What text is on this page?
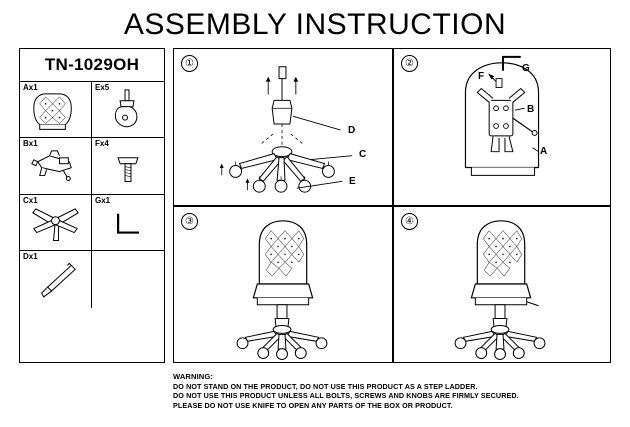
ASSEMBLY INSTRUCTION
TN-1029OH
Ax1	Ex5
Bx1	Fx4
Cx1	Gx1
Dx1
①
D
C
E
②	G
F
B
A
③	④
WARNING:
DO NOT STAND ON THE PRODUCT, DO NOT USE THIS PRODUCT AS A STEP LADDER.
DO NOT USE THIS PRODUCT UNLESS ALL BOLTS, SCREWS AND KNOBS ARE FIRMLY SECURED.
PLEASE DO NOT USE KNIFE TO OPEN ANY PARTS OF THE BOX OR PRODUCT.
